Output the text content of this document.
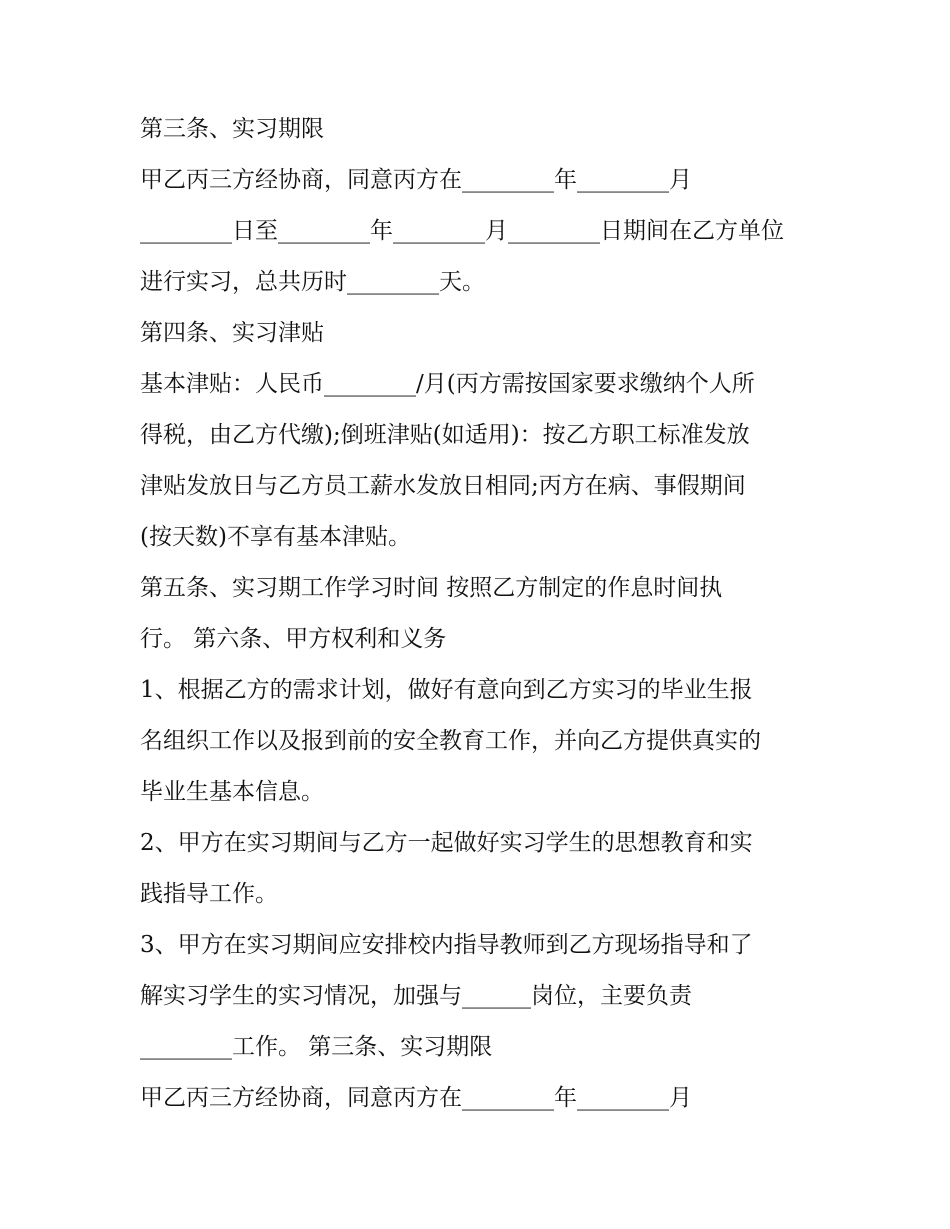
第三条、实习期限

甲乙丙三方经协商，同意丙方在________年________月

________日至________年________月________日期间在乙方单位

进行实习，总共历时________天。

第四条、实习津贴

基本津贴：人民币________/月(丙方需按国家要求缴纳个人所

得税，由乙方代缴);倒班津贴(如适用)：按乙方职工标准发放

津贴发放日与乙方员工薪水发放日相同;丙方在病、事假期间

(按天数)不享有基本津贴。

第五条、实习期工作学习时间 按照乙方制定的作息时间执

行。 第六条、甲方权利和义务

1、根据乙方的需求计划，做好有意向到乙方实习的毕业生报

名组织工作以及报到前的安全教育工作，并向乙方提供真实的

毕业生基本信息。

2、甲方在实习期间与乙方一起做好实习学生的思想教育和实

践指导工作。

3、甲方在实习期间应安排校内指导教师到乙方现场指导和了

解实习学生的实习情况，加强与______岗位，主要负责

________工作。 第三条、实习期限

甲乙丙三方经协商，同意丙方在________年________月
